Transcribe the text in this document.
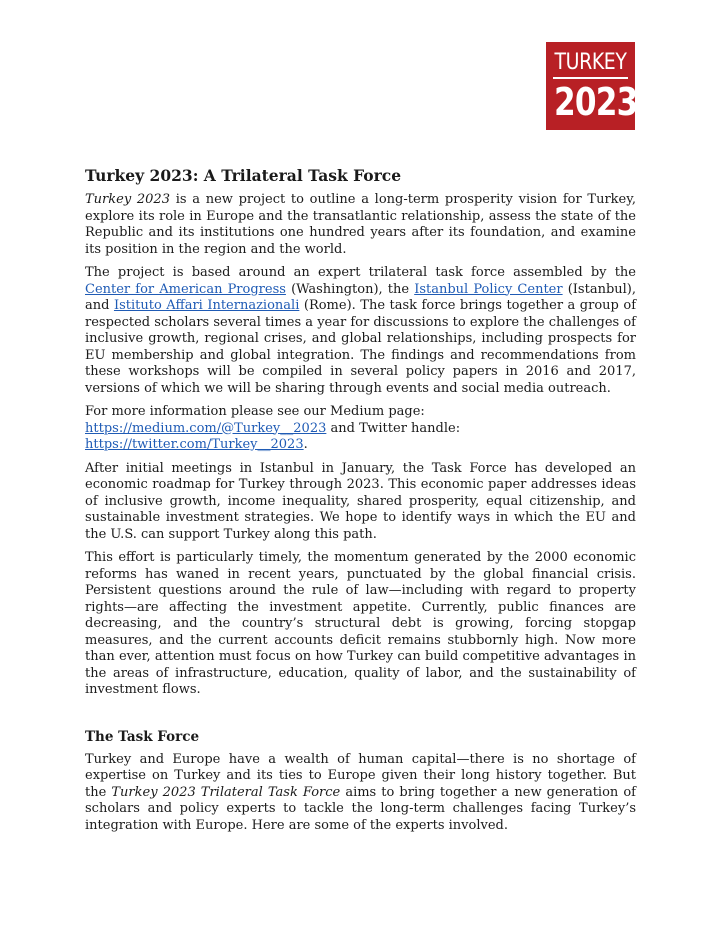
TURKEY
2023
Turkey 2023: A Trilateral Task Force

Turkey 2023 is a new project to outline a long-term prosperity vision for Turkey, explore its role in Europe and the transatlantic relationship, assess the state of the Republic and its institutions one hundred years after its foundation, and examine its position in the region and the world.

The project is based around an expert trilateral task force assembled by the Center for American Progress (Washington), the Istanbul Policy Center (Istanbul), and Istituto Affari Internazionali (Rome). The task force brings together a group of respected scholars several times a year for discussions to explore the challenges of inclusive growth, regional crises, and global relationships, including prospects for EU membership and global integration. The findings and recommendations from these workshops will be compiled in several policy papers in 2016 and 2017, versions of which we will be sharing through events and social media outreach.

For more information please see our Medium page: https://medium.com/@Turkey__2023 and Twitter handle: https://twitter.com/Turkey__2023.

After initial meetings in Istanbul in January, the Task Force has developed an economic roadmap for Turkey through 2023. This economic paper addresses ideas of inclusive growth, income inequality, shared prosperity, equal citizenship, and sustainable investment strategies. We hope to identify ways in which the EU and the U.S. can support Turkey along this path.

This effort is particularly timely, the momentum generated by the 2000 economic reforms has waned in recent years, punctuated by the global financial crisis. Persistent questions around the rule of law—including with regard to property rights—are affecting the investment appetite. Currently, public finances are decreasing, and the country’s structural debt is growing, forcing stopgap measures, and the current accounts deficit remains stubbornly high. Now more than ever, attention must focus on how Turkey can build competitive advantages in the areas of infrastructure, education, quality of labor, and the sustainability of investment flows.

The Task Force

Turkey and Europe have a wealth of human capital—there is no shortage of expertise on Turkey and its ties to Europe given their long history together. But the Turkey 2023 Trilateral Task Force aims to bring together a new generation of scholars and policy experts to tackle the long-term challenges facing Turkey’s integration with Europe. Here are some of the experts involved.
